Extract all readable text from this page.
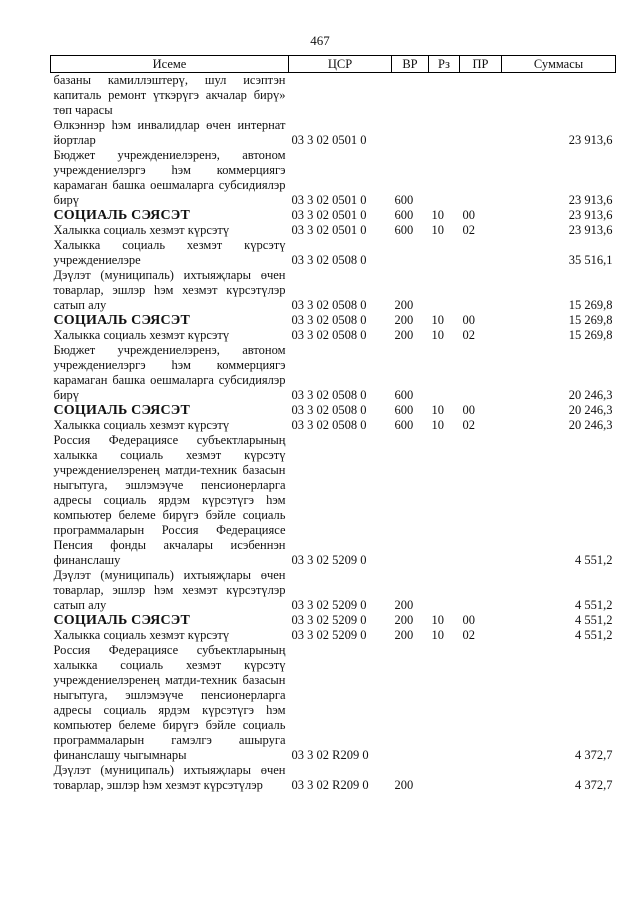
467
Исеме	ЦСР	ВР	Рз	ПР	Суммасы
базаны камиллэштерү, шул исэптэн капиталь ремонт үткэрүгэ акчалар бирү» төп чарасы					
Өлкэннэр һэм инвалидлар өчен интернат йортлар	03 3 02 0501 0				23 913,6
Бюджет учреждениелэренэ, автоном учреждениелэргэ һэм коммерциягэ карамаган башка оешмаларга субсидиялэр бирү	03 3 02 0501 0	600			23 913,6
СОЦИАЛЬ СЭЯСЭТ	03 3 02 0501 0	600	10	00	23 913,6
Халыкка социаль хезмэт күрсэтү	03 3 02 0501 0	600	10	02	23 913,6
Халыкка социаль хезмэт күрсэтү учреждениелэре	03 3 02 0508 0				35 516,1
Дэүлэт (муниципаль) ихтыяҗлары өчен товарлар, эшлэр һэм хезмэт күрсэтүлэр сатып алу	03 3 02 0508 0	200			15 269,8
СОЦИАЛЬ СЭЯСЭТ	03 3 02 0508 0	200	10	00	15 269,8
Халыкка социаль хезмэт күрсэтү	03 3 02 0508 0	200	10	02	15 269,8
Бюджет учреждениелэренэ, автоном учреждениелэргэ һэм коммерциягэ карамаган башка оешмаларга субсидиялэр бирү	03 3 02 0508 0	600			20 246,3
СОЦИАЛЬ СЭЯСЭТ	03 3 02 0508 0	600	10	00	20 246,3
Халыкка социаль хезмэт күрсэтү	03 3 02 0508 0	600	10	02	20 246,3
Россия Федерациясе субъектларының халыкка социаль хезмэт күрсэтү учреждениелэренең матди-техник базасын ныгытуга, эшлэмэүче пенсионерларга адресы социаль ярдэм күрсэтүгэ һэм компьютер белеме бирүгэ бэйле социаль программаларын Россия Федерациясе Пенсия фонды акчалары исэбеннэн финанслашу	03 3 02 5209 0				4 551,2
Дэүлэт (муниципаль) ихтыяҗлары өчен товарлар, эшлэр һэм хезмэт күрсэтүлэр сатып алу	03 3 02 5209 0	200			4 551,2
СОЦИАЛЬ СЭЯСЭТ	03 3 02 5209 0	200	10	00	4 551,2
Халыкка социаль хезмэт күрсэтү	03 3 02 5209 0	200	10	02	4 551,2
Россия Федерациясе субъектларының халыкка социаль хезмэт күрсэтү учреждениелэренең матди-техник базасын ныгытуга, эшлэмэүче пенсионерларга адресы социаль ярдэм күрсэтүгэ һэм компьютер белеме бирүгэ бэйле социаль программаларын гамэлгэ ашыруга финанслашу чыгымнары	03 3 02 R209 0				4 372,7
Дэүлэт (муниципаль) ихтыяҗлары өчен товарлар, эшлэр һэм хезмэт күрсэтүлэр	03 3 02 R209 0	200			4 372,7
